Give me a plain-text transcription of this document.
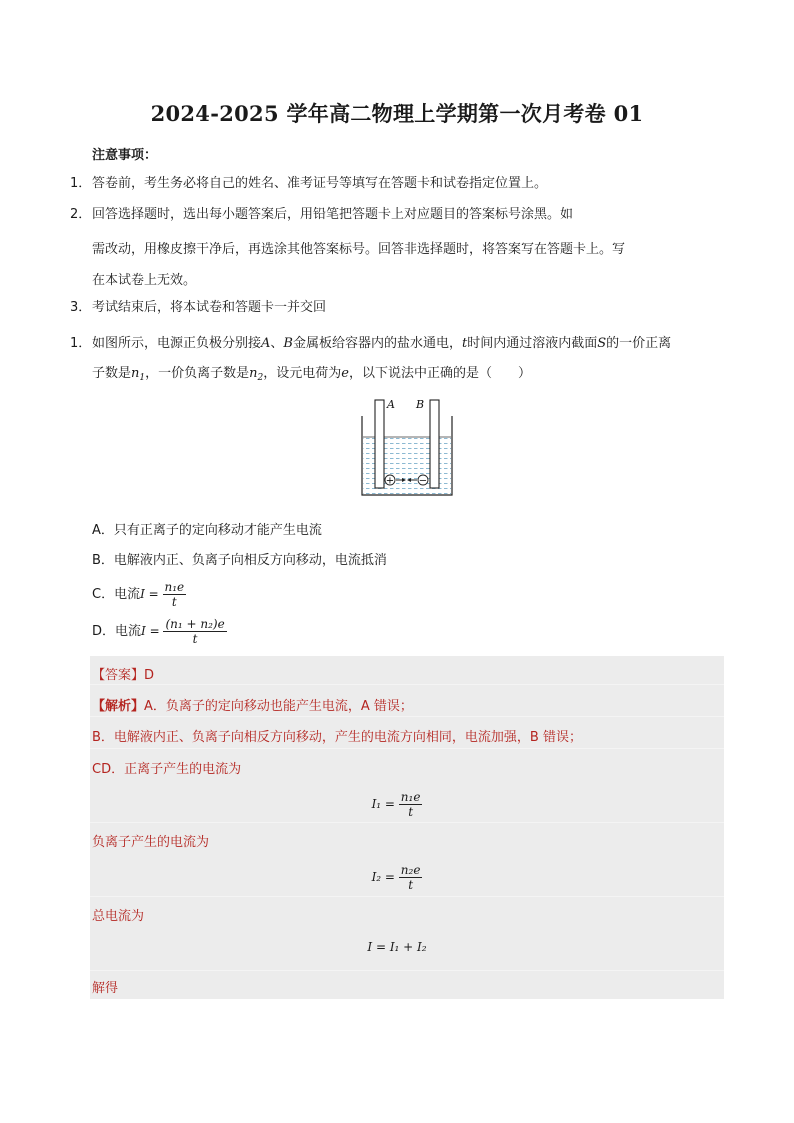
2024-2025 学年高二物理上学期第一次月考卷 01
注意事项：
1．答卷前，考生务必将自己的姓名、准考证号等填写在答题卡和试卷指定位置上。
2．回答选择题时，选出每小题答案后，用铅笔把答题卡上对应题目的答案标号涂黑。如
需改动，用橡皮擦干净后，再选涂其他答案标号。回答非选择题时，将答案写在答题卡上。写
在本试卷上无效。
3．考试结束后，将本试卷和答题卡一并交回
1．如图所示，电源正负极分别接A、B金属板给容器内的盐水通电，t时间内通过溶液内截面S的一价正离
子数是$n_1$，一价负离子数是$n_2$，设元电荷为e，以下说法中正确的是（　　）
A B
+ −
A．只有正离子的定向移动才能产生电流
B．电解液内正、负离子向相反方向移动，电流抵消
C．电流$I = \frac{\text{n₁e}}{t}$
D．电流$I = \frac{\text{(n₁ + n₂)e}}{t}$
【答案】D
【解析】A．负离子的定向移动也能产生电流，A 错误；
B．电解液内正、负离子向相反方向移动，产生的电流方向相同，电流加强，B 错误；
CD．正离子产生的电流为
$I_1 = \frac{\text{n₁e}}{t}$
负离子产生的电流为
$I_2 = \frac{\text{n₂e}}{t}$
总电流为
I = I₁ + I₂
解得
